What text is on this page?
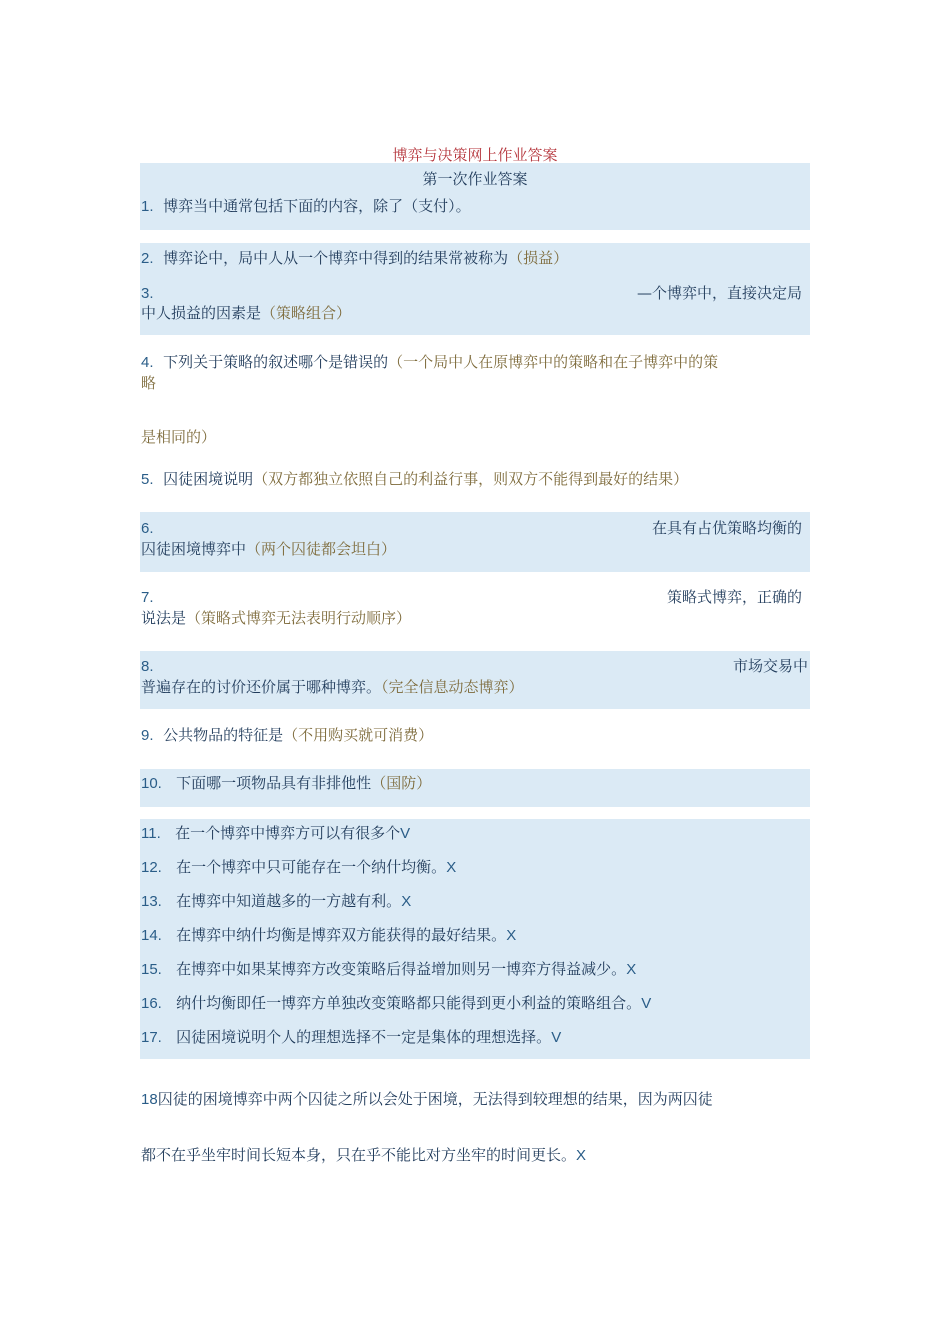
博弈与决策网上作业答案
第一次作业答案
1. 博弈当中通常包括下面的内容，除了（支付）。
2. 博弈论中，局中人从一个博弈中得到的结果常被称为（损益）
3.	—个博弈中，直接决定局
中人损益的因素是（策略组合）
4. 下列关于策略的叙述哪个是错误的（一个局中人在原博弈中的策略和在子博弈中的策
略
是相同的）
5. 囚徒困境说明（双方都独立依照自己的利益行事，则双方不能得到最好的结果）
6.	在具有占优策略均衡的
囚徒困境博弈中（两个囚徒都会坦白）
7.	策略式博弈，正确的
说法是（策略式博弈无法表明行动顺序）
8.	市场交易中
普遍存在的讨价还价属于哪种博弈。（完全信息动态博弈）
9. 公共物品的特征是（不用购买就可消费）
10. 下面哪一项物品具有非排他性（国防）
11. 在一个博弈中博弈方可以有很多个V
12. 在一个博弈中只可能存在一个纳什均衡。X
13. 在博弈中知道越多的一方越有利。X
14. 在博弈中纳什均衡是博弈双方能获得的最好结果。X
15. 在博弈中如果某博弈方改变策略后得益增加则另一博弈方得益减少。X
16. 纳什均衡即任一博弈方单独改变策略都只能得到更小利益的策略组合。V
17. 囚徒困境说明个人的理想选择不一定是集体的理想选择。V
18囚徒的困境博弈中两个囚徒之所以会处于困境，无法得到较理想的结果，因为两囚徒
都不在乎坐牢时间长短本身，只在乎不能比对方坐牢的时间更长。X
